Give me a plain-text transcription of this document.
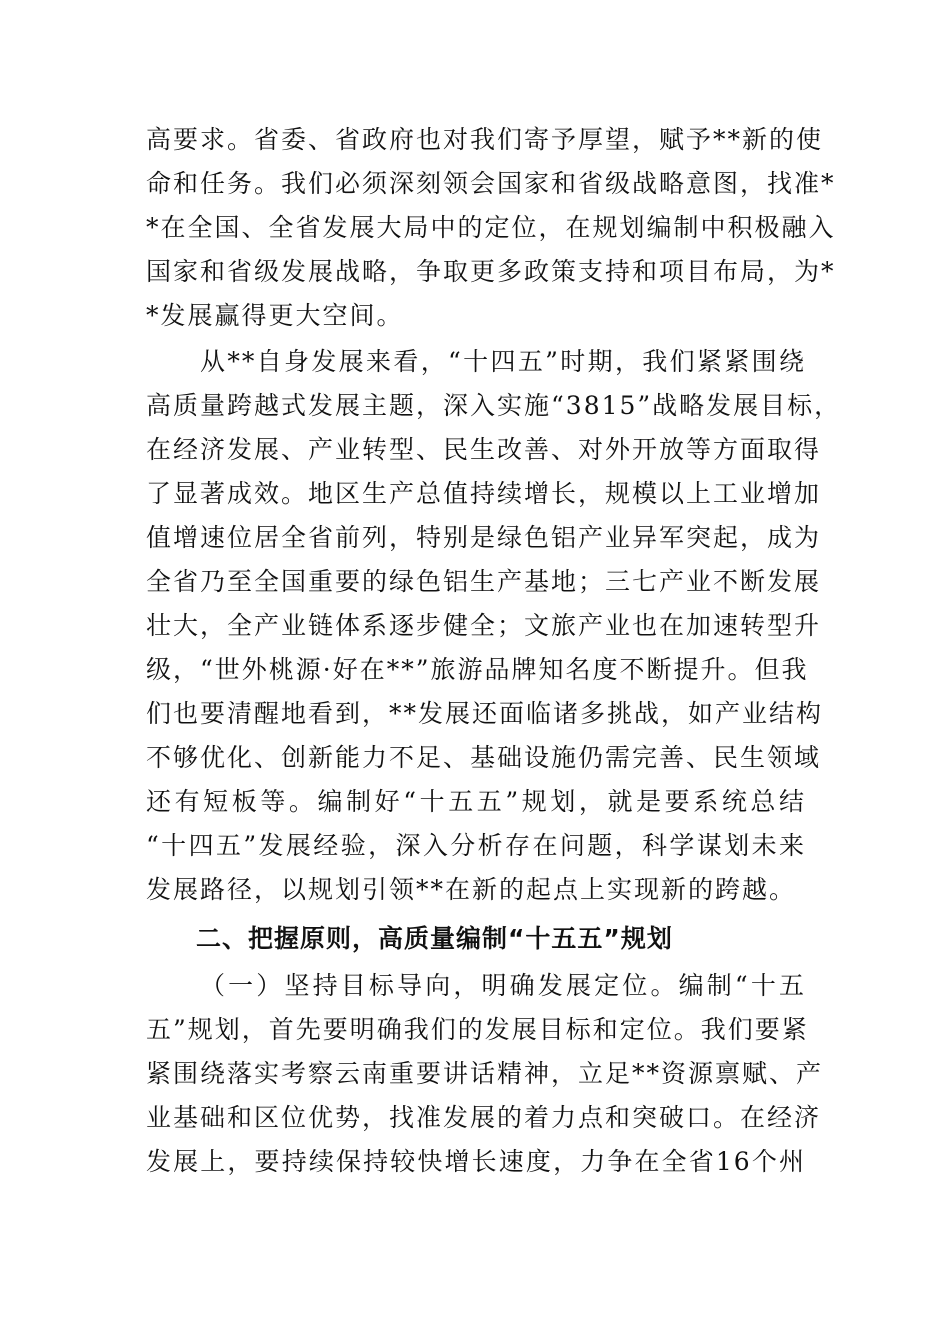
高要求。省委、省政府也对我们寄予厚望，赋予**新的使
命和任务。我们必须深刻领会国家和省级战略意图，找准*
*在全国、全省发展大局中的定位，在规划编制中积极融入
国家和省级发展战略，争取更多政策支持和项目布局，为*
*发展赢得更大空间。
从**自身发展来看，“十四五”时期，我们紧紧围绕
高质量跨越式发展主题，深入实施“3815”战略发展目标，
在经济发展、产业转型、民生改善、对外开放等方面取得
了显著成效。地区生产总值持续增长，规模以上工业增加
值增速位居全省前列，特别是绿色铝产业异军突起，成为
全省乃至全国重要的绿色铝生产基地；三七产业不断发展
壮大，全产业链体系逐步健全；文旅产业也在加速转型升
级，“世外桃源·好在**”旅游品牌知名度不断提升。但我
们也要清醒地看到，**发展还面临诸多挑战，如产业结构
不够优化、创新能力不足、基础设施仍需完善、民生领域
还有短板等。编制好“十五五”规划，就是要系统总结
“十四五”发展经验，深入分析存在问题，科学谋划未来
发展路径，以规划引领**在新的起点上实现新的跨越。
二、把握原则，高质量编制“十五五”规划
（一）坚持目标导向，明确发展定位。编制“十五
五”规划，首先要明确我们的发展目标和定位。我们要紧
紧围绕落实考察云南重要讲话精神，立足**资源禀赋、产
业基础和区位优势，找准发展的着力点和突破口。在经济
发展上，要持续保持较快增长速度，力争在全省16个州
